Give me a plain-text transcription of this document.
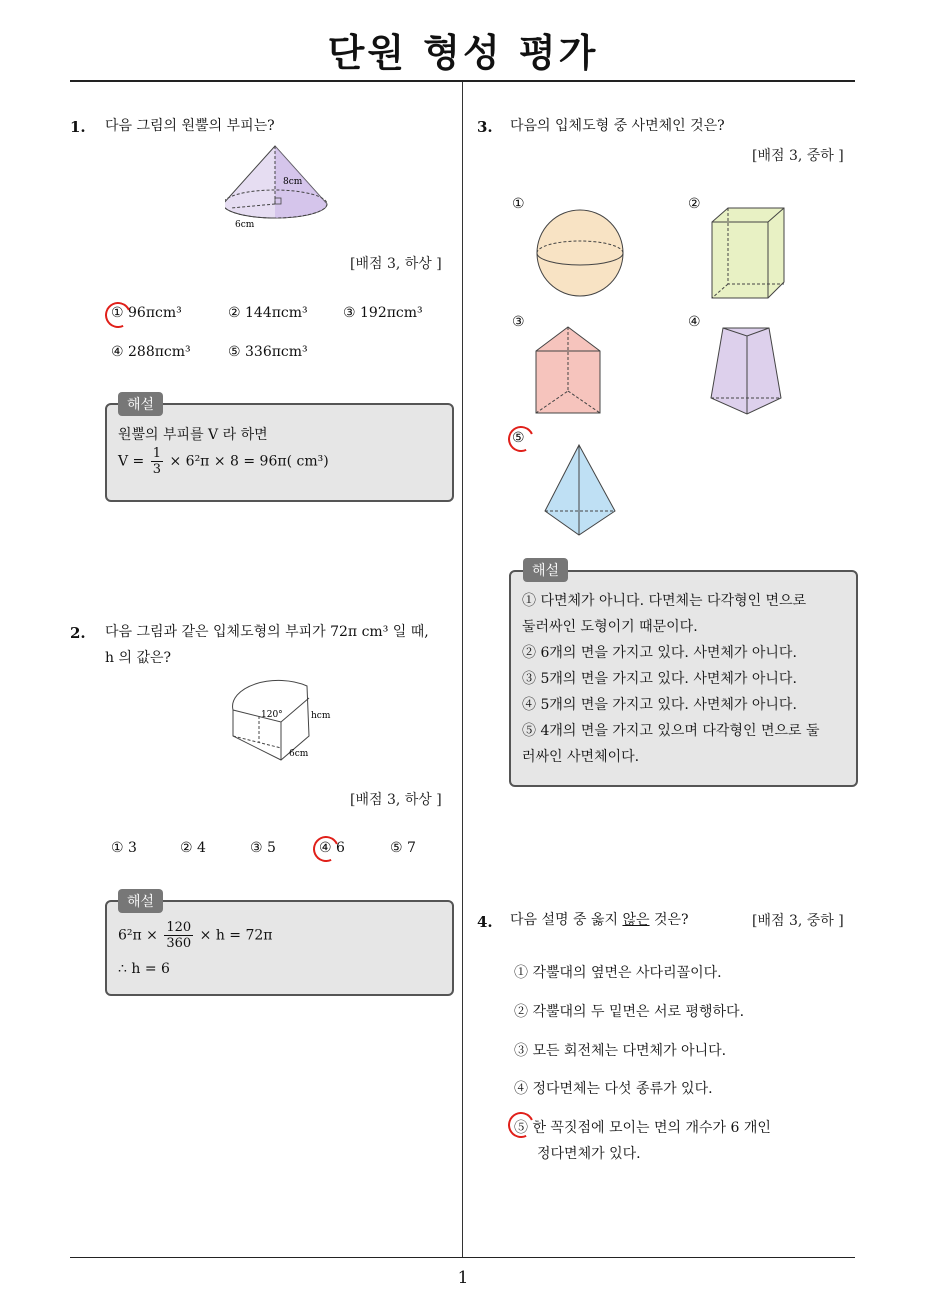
단원 형성 평가
1. 다음 그림의 원뿔의 부피는?
8cm
6cm
[배점 3, 하상 ]
① 96πcm³	② 144πcm³	③ 192πcm³
④ 288πcm³	⑤ 336πcm³
해설
원뿔의 부피를 V 라 하면
$V = \frac{1}{3} \times 6^2\pi \times 8 = 96\pi$( cm³)
2. 다음 그림과 같은 입체도형의 부피가 72π cm³ 일 때,
h 의 값은?
120°	hcm
6cm
[배점 3, 하상 ]
① 3	② 4	③ 5	④ 6	⑤ 7
해설
$6^2\pi \times \frac{120}{360} \times h = 72\pi$
∴ h = 6
3. 다음의 입체도형 중 사면체인 것은?
[배점 3, 중하 ]
①	②
③	④
⑤
해설
① 다면체가 아니다. 다면체는 다각형인 면으로
둘러싸인 도형이기 때문이다.
② 6개의 면을 가지고 있다. 사면체가 아니다.
③ 5개의 면을 가지고 있다. 사면체가 아니다.
④ 5개의 면을 가지고 있다. 사면체가 아니다.
⑤ 4개의 면을 가지고 있으며 다각형인 면으로 둘
러싸인 사면체이다.
4. 다음 설명 중 옳지 않은 것은?	[배점 3, 중하 ]
① 각뿔대의 옆면은 사다리꼴이다.
② 각뿔대의 두 밑면은 서로 평행하다.
③ 모든 회전체는 다면체가 아니다.
④ 정다면체는 다섯 종류가 있다.
⑤ 한 꼭짓점에 모이는 면의 개수가 6 개인
정다면체가 있다.
1
